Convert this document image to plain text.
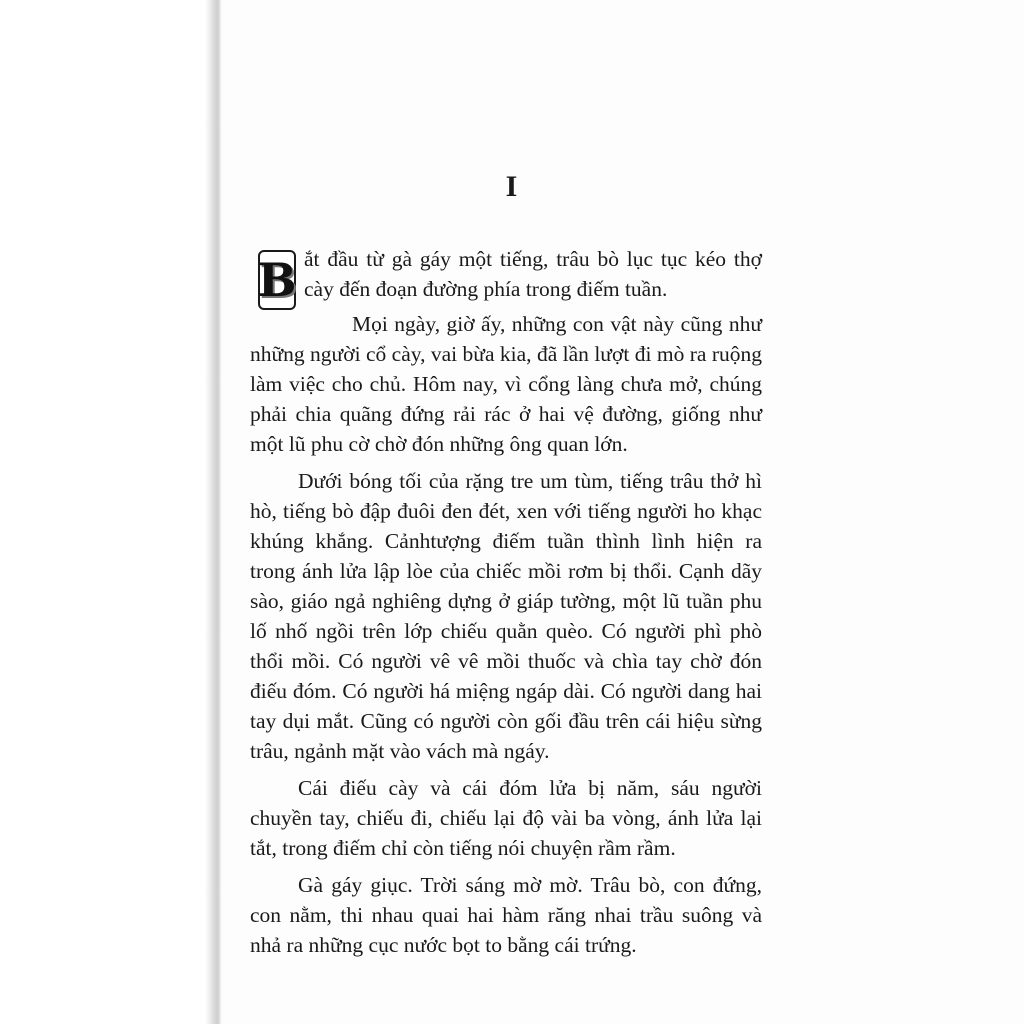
I

B ắt đầu từ gà gáy một tiếng, trâu bò lục tục kéo thợ cày đến đoạn đường phía trong điếm tuần.

Mọi ngày, giờ ấy, những con vật này cũng như những người cổ cày, vai bừa kia, đã lần lượt đi mò ra ruộng làm việc cho chủ. Hôm nay, vì cổng làng chưa mở, chúng phải chia quãng đứng rải rác ở hai vệ đường, giống như một lũ phu cờ chờ đón những ông quan lớn.

Dưới bóng tối của rặng tre um tùm, tiếng trâu thở hì hò, tiếng bò đập đuôi đen đét, xen với tiếng người ho khạc khúng khắng. Cảnhtượng điếm tuần thình lình hiện ra trong ánh lửa lập lòe của chiếc mồi rơm bị thổi. Cạnh dãy sào, giáo ngả nghiêng dựng ở giáp tường, một lũ tuần phu lố nhố ngồi trên lớp chiếu quằn quèo. Có người phì phò thổi mồi. Có người vê vê mồi thuốc và chìa tay chờ đón điếu đóm. Có người há miệng ngáp dài. Có người dang hai tay dụi mắt. Cũng có người còn gối đầu trên cái hiệu sừng trâu, ngảnh mặt vào vách mà ngáy.

Cái điếu cày và cái đóm lửa bị năm, sáu người chuyền tay, chiếu đi, chiếu lại độ vài ba vòng, ánh lửa lại tắt, trong điếm chỉ còn tiếng nói chuyện rầm rầm.

Gà gáy giục. Trời sáng mờ mờ. Trâu bò, con đứng, con nằm, thi nhau quai hai hàm răng nhai trầu suông và nhả ra những cục nước bọt to bằng cái trứng.
